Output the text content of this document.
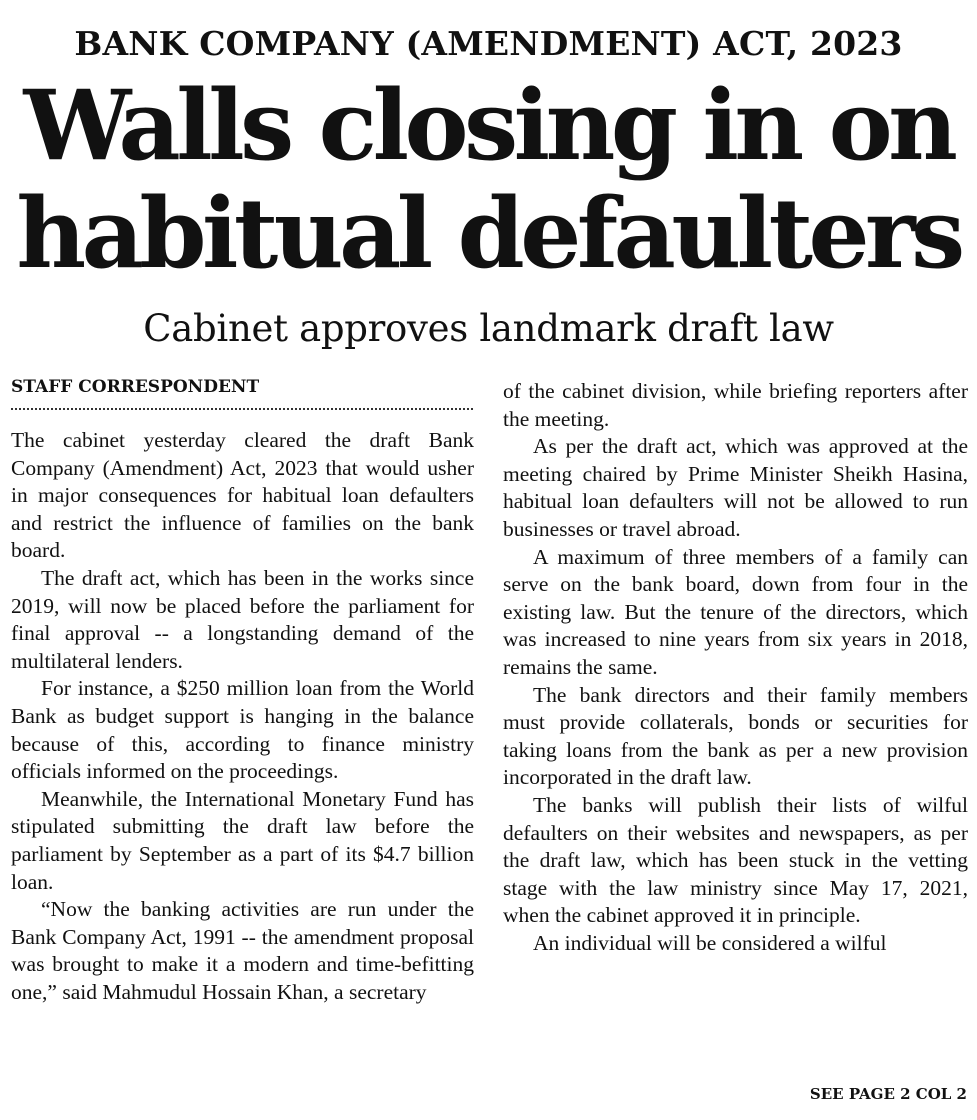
BANK COMPANY (AMENDMENT) ACT, 2023
Walls closing in on
habitual defaulters
Cabinet approves landmark draft law
STAFF CORRESPONDENT

The cabinet yesterday cleared the draft Bank Company (Amendment) Act, 2023 that would usher in major consequences for habitual loan defaulters and restrict the influence of families on the bank board.

The draft act, which has been in the works since 2019, will now be placed before the parliament for final approval -- a longstanding demand of the multilateral lenders.

For instance, a $250 million loan from the World Bank as budget support is hanging in the balance because of this, according to finance ministry officials informed on the proceedings.

Meanwhile, the International Monetary Fund has stipulated submitting the draft law before the parliament by September as a part of its $4.7 billion loan.

“Now the banking activities are run under the Bank Company Act, 1991 -- the amendment proposal was brought to make it a modern and time-befitting one,” said Mahmudul Hossain Khan, a secretary

of the cabinet division, while briefing reporters after the meeting.

As per the draft act, which was approved at the meeting chaired by Prime Minister Sheikh Hasina, habitual loan defaulters will not be allowed to run businesses or travel abroad.

A maximum of three members of a family can serve on the bank board, down from four in the existing law. But the tenure of the directors, which was increased to nine years from six years in 2018, remains the same.

The bank directors and their family members must provide collaterals, bonds or securities for taking loans from the bank as per a new provision incorporated in the draft law.

The banks will publish their lists of wilful defaulters on their websites and newspapers, as per the draft law, which has been stuck in the vetting stage with the law ministry since May 17, 2021, when the cabinet approved it in principle.

An individual will be considered a wilful

SEE PAGE 2 COL 2
